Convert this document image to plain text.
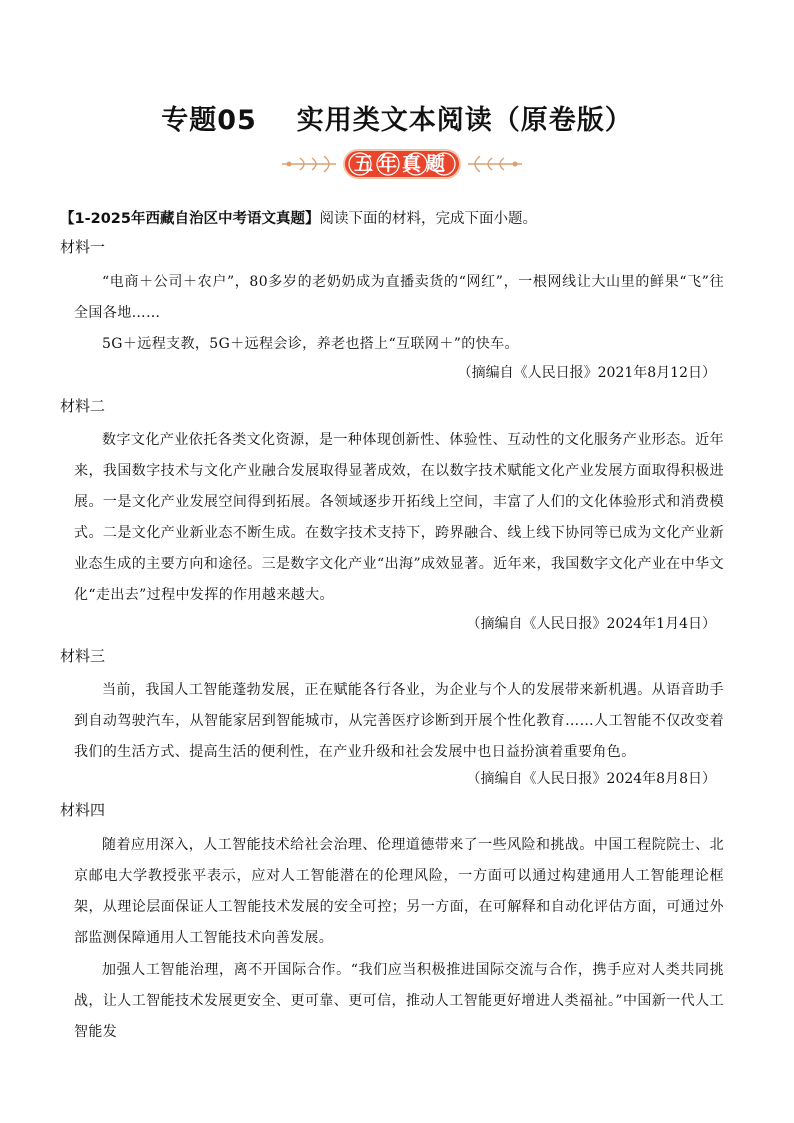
专题05 实用类文本阅读（原卷版）
五年真题
【1-2025年西藏自治区中考语文真题】阅读下面的材料，完成下面小题。
材料一
“电商＋公司＋农户”，80多岁的老奶奶成为直播卖货的“网红”，一根网线让大山里的鲜果“飞”往全国各地……
5G＋远程支教，5G＋远程会诊，养老也搭上“互联网＋”的快车。
（摘编自《人民日报》2021年8月12日）
材料二
数字文化产业依托各类文化资源，是一种体现创新性、体验性、互动性的文化服务产业形态。近年来，我国数字技术与文化产业融合发展取得显著成效，在以数字技术赋能文化产业发展方面取得积极进展。一是文化产业发展空间得到拓展。各领域逐步开拓线上空间，丰富了人们的文化体验形式和消费模式。二是文化产业新业态不断生成。在数字技术支持下，跨界融合、线上线下协同等已成为文化产业新业态生成的主要方向和途径。三是数字文化产业“出海”成效显著。近年来，我国数字文化产业在中华文化“走出去”过程中发挥的作用越来越大。
（摘编自《人民日报》2024年1月4日）
材料三
当前，我国人工智能蓬勃发展，正在赋能各行各业，为企业与个人的发展带来新机遇。从语音助手到自动驾驶汽车，从智能家居到智能城市，从完善医疗诊断到开展个性化教育……人工智能不仅改变着我们的生活方式、提高生活的便利性，在产业升级和社会发展中也日益扮演着重要角色。
（摘编自《人民日报》2024年8月8日）
材料四
随着应用深入，人工智能技术给社会治理、伦理道德带来了一些风险和挑战。中国工程院院士、北京邮电大学教授张平表示，应对人工智能潜在的伦理风险，一方面可以通过构建通用人工智能理论框架，从理论层面保证人工智能技术发展的安全可控；另一方面，在可解释和自动化评估方面，可通过外部监测保障通用人工智能技术向善发展。
加强人工智能治理，离不开国际合作。“我们应当积极推进国际交流与合作，携手应对人类共同挑战，让人工智能技术发展更安全、更可靠、更可信，推动人工智能更好增进人类福祉。”中国新一代人工智能发
